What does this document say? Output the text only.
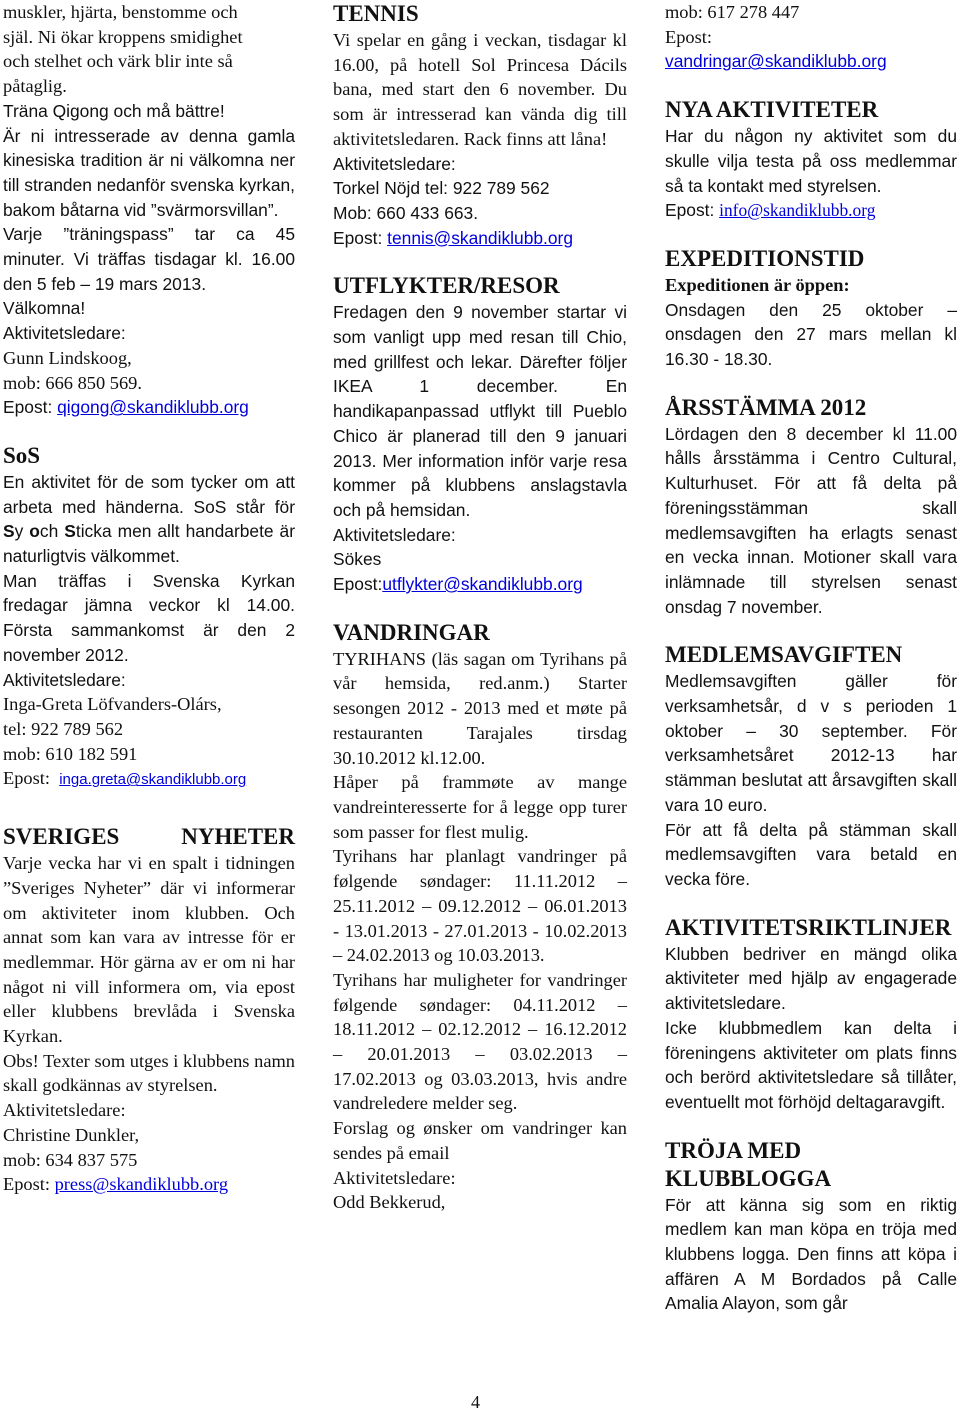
muskler, hjärta, benstomme och

själ. Ni ökar kroppens smidighet

och stelhet och värk blir inte så

påtaglig.

Träna Qigong och må bättre!

Är ni intresserade av denna gamla kinesiska tradition är ni välkomna ner till stranden nedanför svenska kyrkan, bakom båtarna vid ”svärmorsvillan”.

Varje ”träningspass” tar ca 45 minuter. Vi träffas tisdagar kl. 16.00 den 5 feb – 19 mars 2013.

Välkomna!

Aktivitetsledare:

Gunn Lindskoog,

mob: 666 850 569.

Epost: qigong@skandiklubb.org

SoS

En aktivitet för de som tycker om att arbeta med händerna. SoS står för Sy och Sticka men allt handarbete är naturligtvis välkommet.

Man träffas i Svenska Kyrkan fredagar jämna veckor kl 14.00. Första sammankomst är den 2 november 2012.

Aktivitetsledare:

Inga-Greta Löfvanders-Olárs,

tel: 922 789 562

mob: 610 182 591

Epost:  inga.greta@skandiklubb.org

SVERIGES	NYHETER

Varje vecka har vi en spalt i tidningen ”Sveriges Nyheter” där vi informerar om aktiviteter inom klubben. Och annat som kan vara av intresse för er medlemmar. Hör gärna av er om ni har något ni vill informera om, via epost eller klubbens brevlåda i Svenska Kyrkan.

Obs! Texter som utges i klubbens namn skall godkännas av styrelsen.

Aktivitetsledare:

Christine Dunkler,

mob: 634 837 575

Epost: press@skandiklubb.org

TENNIS

Vi spelar en gång i veckan, tisdagar kl 16.00, på hotell Sol Princesa Dácils bana, med start den 6 november. Du som är intresserad kan vända dig till aktivitetsledaren. Rack finns att låna!

Aktivitetsledare:

Torkel Nöjd tel: 922 789 562

Mob: 660 433 663.

Epost: tennis@skandiklubb.org

UTFLYKTER/RESOR

Fredagen den 9 november startar vi som vanligt upp med resan till Chio, med grillfest och lekar. Därefter följer IKEA 1 december. En handikapanpassad utflykt till Pueblo Chico är planerad till den 9 januari 2013. Mer information inför varje resa kommer på klubbens anslagstavla och på hemsidan.

Aktivitetsledare:

Sökes

Epost:utflykter@skandiklubb.org

VANDRINGAR

TYRIHANS (läs sagan om Tyrihans på vår hemsida, red.anm.) Starter sesongen 2012 - 2013 med et møte på restauranten Tarajales tirsdag 30.10.2012 kl.12.00.

Håper på frammøte av mange vandreinteresserte for å legge opp turer som passer for flest mulig.

Tyrihans har planlagt vandringer på følgende søndager: 11.11.2012 – 25.11.2012 – 09.12.2012 – 06.01.2013 - 13.01.2013 - 27.01.2013 - 10.02.2013 – 24.02.2013 og 10.03.2013.

Tyrihans har muligheter for vandringer følgende søndager: 04.11.2012 – 18.11.2012 – 02.12.2012 – 16.12.2012 – 20.01.2013 – 03.02.2013 – 17.02.2013 og 03.03.2013, hvis andre vandreledere melder seg.

Forslag og ønsker om vandringer kan sendes på email

Aktivitetsledare:

Odd Bekkerud,

mob: 617 278 447

Epost:

vandringar@skandiklubb.org

NYA AKTIVITETER

Har du någon ny aktivitet som du skulle vilja testa på oss medlemmar så ta kontakt med styrelsen.

Epost: info@skandiklubb.org

EXPEDITIONSTID

Expeditionen är öppen:

Onsdagen den 25 oktober – onsdagen den 27 mars mellan kl 16.30 - 18.30.

ÅRSSTÄMMA 2012

Lördagen den 8 december kl 11.00 hålls årsstämma i Centro Cultural, Kulturhuset. För att få delta på föreningsstämman skall medlemsavgiften ha erlagts senast en vecka innan. Motioner skall vara inlämnade till styrelsen senast onsdag 7 november.

MEDLEMSAVGIFTEN

Medlemsavgiften gäller för verksamhetsår, d v s perioden 1 oktober – 30 september. För verksamhetsåret 2012-13 har stämman beslutat att årsavgiften skall vara 10 euro.

För att få delta på stämman skall medlemsavgiften vara betald en vecka före.

AKTIVITETSRIKTLINJER

Klubben bedriver en mängd olika aktiviteter med hjälp av engagerade aktivitetsledare.

Icke klubbmedlem kan delta i föreningens aktiviteter om plats finns och berörd aktivitetsledare så tillåter, eventuellt mot förhöjd deltagaravgift.

TRÖJA MED KLUBBLOGGA

För att känna sig som en riktig medlem kan man köpa en tröja med klubbens logga. Den finns att köpa i affären A M Bordados på Calle Amalia Alayon, som går

4
